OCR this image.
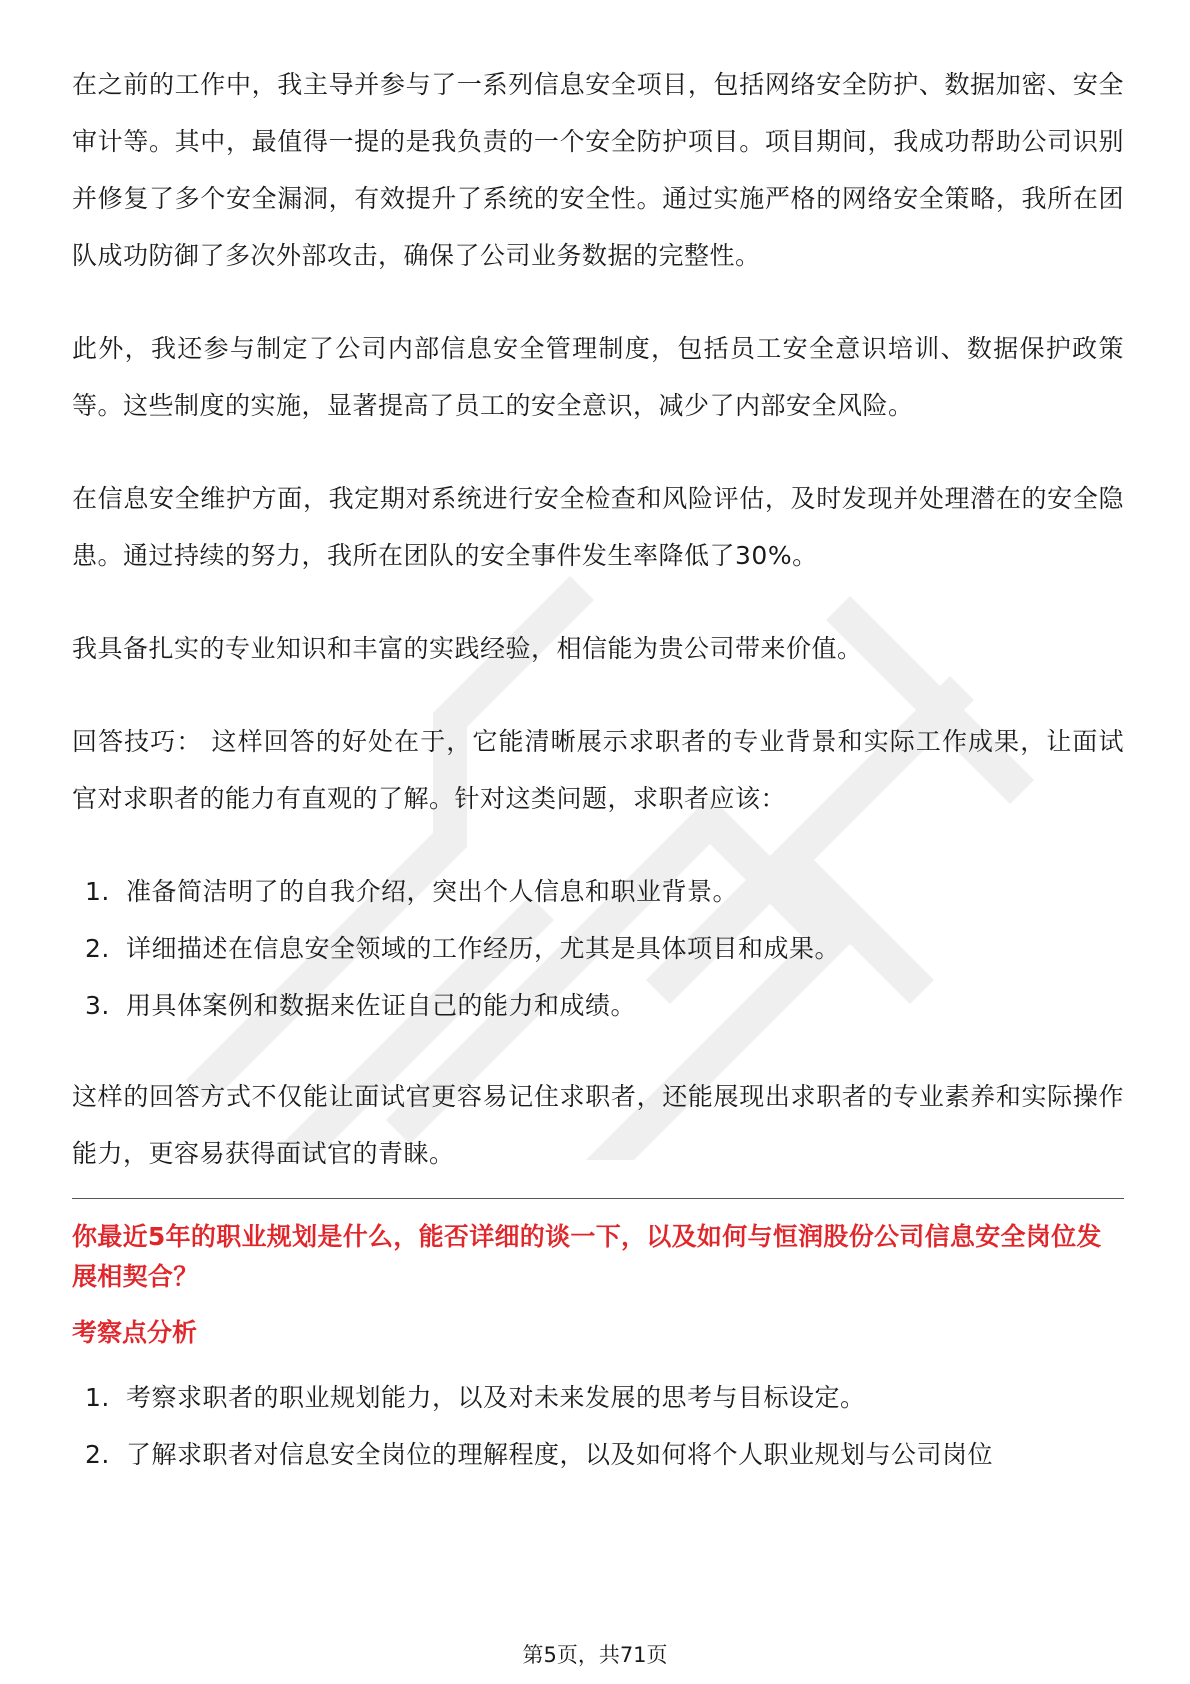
在之前的工作中，我主导并参与了一系列信息安全项目，包括网络安全防护、数据加密、安全审计等。其中，最值得一提的是我负责的一个安全防护项目。项目期间，我成功帮助公司识别并修复了多个安全漏洞，有效提升了系统的安全性。通过实施严格的网络安全策略，我所在团队成功防御了多次外部攻击，确保了公司业务数据的完整性。

此外，我还参与制定了公司内部信息安全管理制度，包括员工安全意识培训、数据保护政策等。这些制度的实施，显著提高了员工的安全意识，减少了内部安全风险。

在信息安全维护方面，我定期对系统进行安全检查和风险评估，及时发现并处理潜在的安全隐患。通过持续的努力，我所在团队的安全事件发生率降低了30%。

我具备扎实的专业知识和丰富的实践经验，相信能为贵公司带来价值。

回答技巧： 这样回答的好处在于，它能清晰展示求职者的专业背景和实际工作成果，让面试官对求职者的能力有直观的了解。针对这类问题，求职者应该：

1. 准备简洁明了的自我介绍，突出个人信息和职业背景。
2. 详细描述在信息安全领域的工作经历，尤其是具体项目和成果。
3. 用具体案例和数据来佐证自己的能力和成绩。

这样的回答方式不仅能让面试官更容易记住求职者，还能展现出求职者的专业素养和实际操作能力，更容易获得面试官的青睐。

你最近5年的职业规划是什么，能否详细的谈一下，以及如何与恒润股份公司信息安全岗位发展相契合？
考察点分析
1. 考察求职者的职业规划能力，以及对未来发展的思考与目标设定。
2. 了解求职者对信息安全岗位的理解程度，以及如何将个人职业规划与公司岗位
第5页，共71页
